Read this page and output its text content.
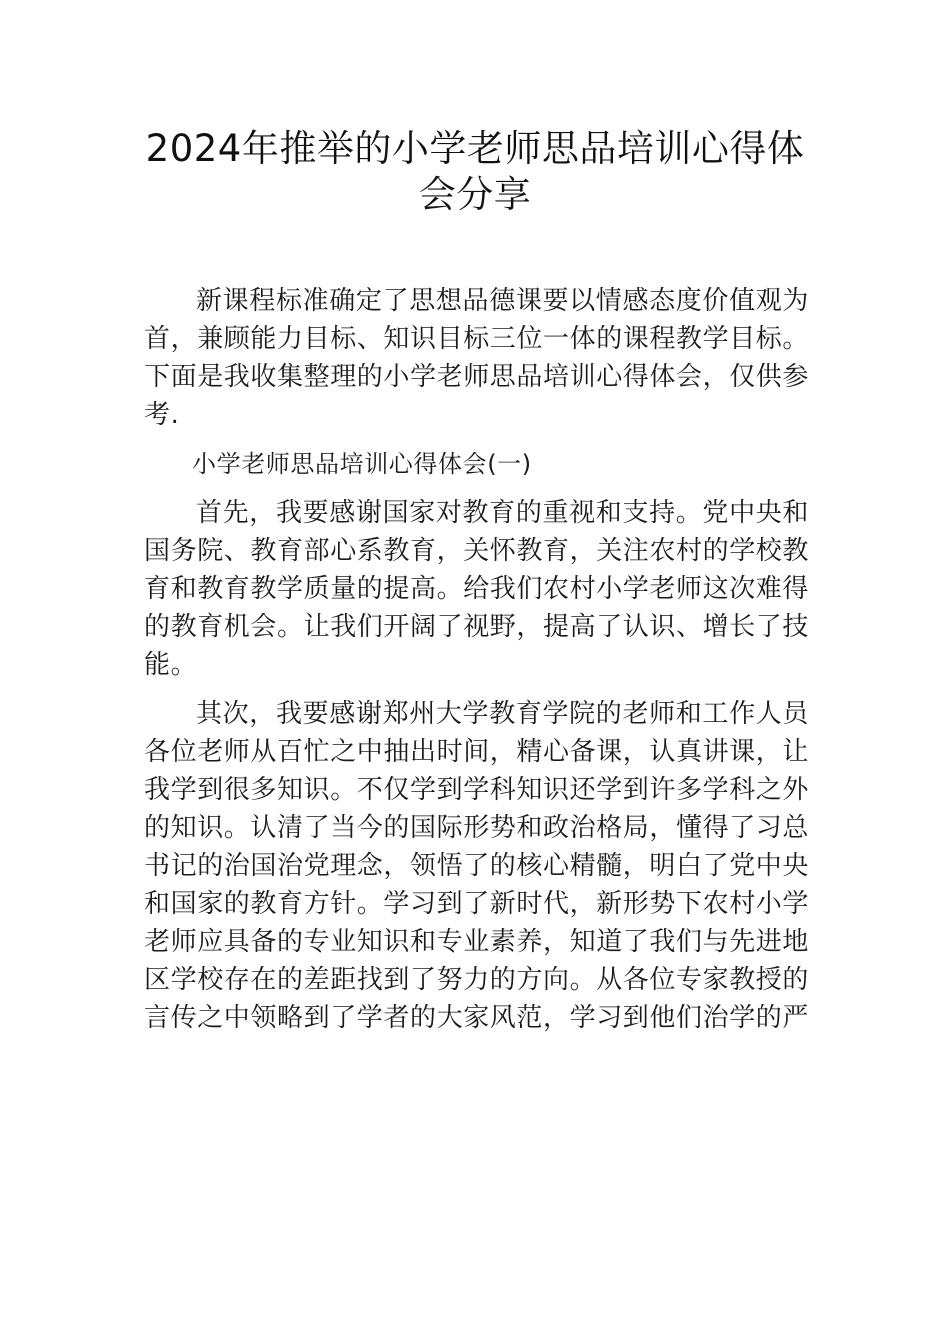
2024年推举的小学老师思品培训心得体会分享

新课程标准确定了思想品德课要以情感态度价值观为首，兼顾能力目标、知识目标三位一体的课程教学目标。下面是我收集整理的小学老师思品培训心得体会，仅供参考.

小学老师思品培训心得体会(一)

首先，我要感谢国家对教育的重视和支持。党中央和国务院、教育部心系教育，关怀教育，关注农村的学校教育和教育教学质量的提高。给我们农村小学老师这次难得的教育机会。让我们开阔了视野，提高了认识、增长了技能。

其次，我要感谢郑州大学教育学院的老师和工作人员各位老师从百忙之中抽出时间，精心备课，认真讲课，让我学到很多知识。不仅学到学科知识还学到许多学科之外的知识。认清了当今的国际形势和政治格局，懂得了习总书记的治国治党理念，领悟了的核心精髓，明白了党中央和国家的教育方针。学习到了新时代，新形势下农村小学老师应具备的专业知识和专业素养，知道了我们与先进地区学校存在的差距找到了努力的方向。从各位专家教授的言传之中领略到了学者的大家风范，学习到他们治学的严
